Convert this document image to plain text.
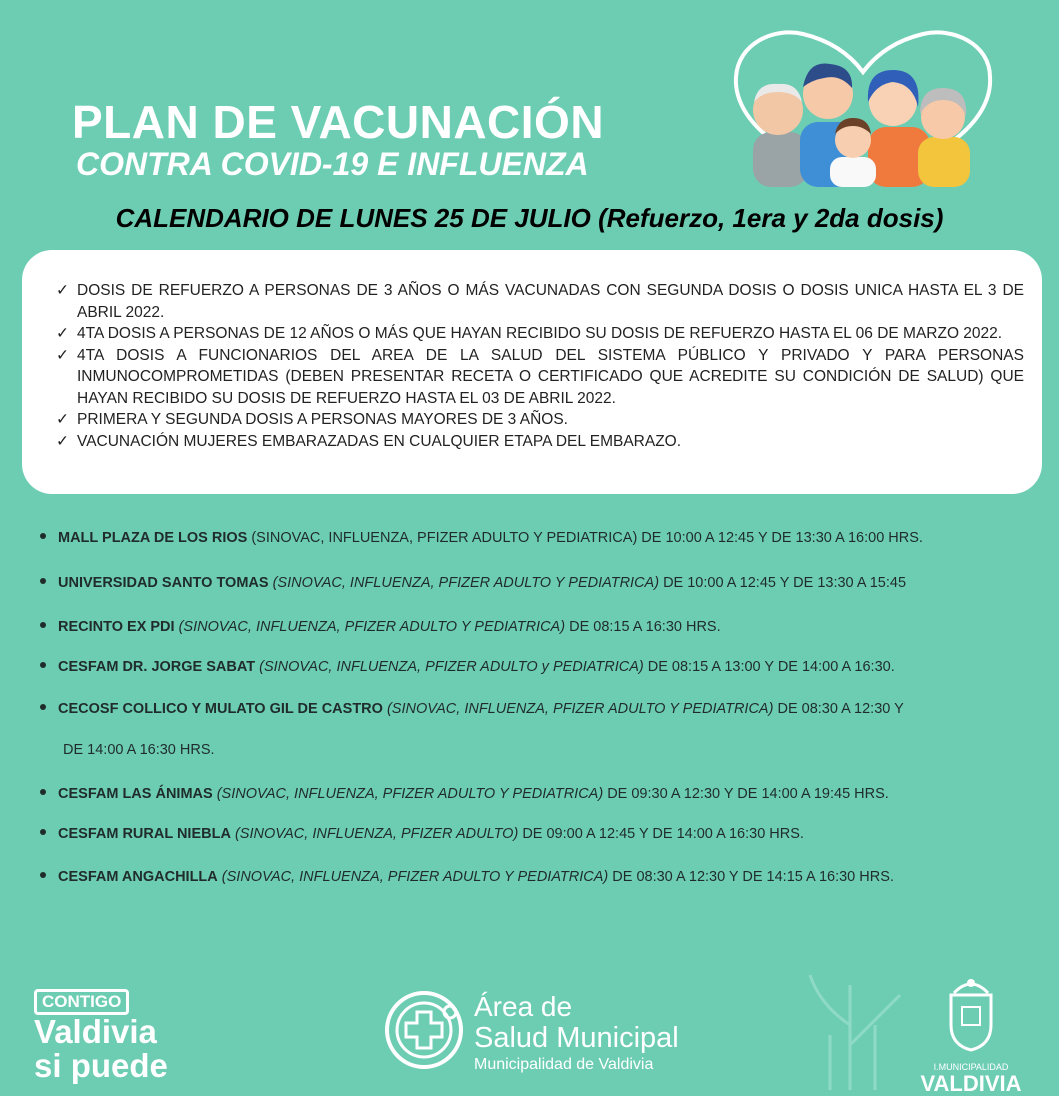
PLAN DE VACUNACIÓN
CONTRA COVID-19 E INFLUENZA
CALENDARIO DE LUNES 25 DE JULIO (Refuerzo, 1era y 2da dosis)
✓ DOSIS DE REFUERZO A PERSONAS DE 3 AÑOS O MÁS VACUNADAS CON SEGUNDA DOSIS O DOSIS UNICA HASTA EL 3 DE ABRIL 2022.
✓ 4TA DOSIS A PERSONAS DE 12 AÑOS O MÁS QUE HAYAN RECIBIDO SU DOSIS DE REFUERZO HASTA EL 06 DE MARZO 2022.
✓ 4TA DOSIS A FUNCIONARIOS DEL AREA DE LA SALUD DEL SISTEMA PÚBLICO Y PRIVADO Y PARA PERSONAS INMUNOCOMPROMETIDAS (DEBEN PRESENTAR RECETA O CERTIFICADO QUE ACREDITE SU CONDICIÓN DE SALUD) QUE HAYAN RECIBIDO SU DOSIS DE REFUERZO HASTA EL 03 DE ABRIL 2022.
✓ PRIMERA Y SEGUNDA DOSIS A PERSONAS MAYORES DE 3 AÑOS.
✓ VACUNACIÓN MUJERES EMBARAZADAS EN CUALQUIER ETAPA DEL EMBARAZO.
MALL PLAZA DE LOS RIOS (SINOVAC, INFLUENZA, PFIZER ADULTO Y PEDIATRICA) DE 10:00 A 12:45 Y DE 13:30 A 16:00 HRS.
UNIVERSIDAD SANTO TOMAS (SINOVAC, INFLUENZA, PFIZER ADULTO Y PEDIATRICA) DE 10:00 A 12:45 Y DE 13:30 A 15:45
RECINTO EX PDI (SINOVAC, INFLUENZA, PFIZER ADULTO Y PEDIATRICA) DE 08:15 A 16:30 HRS.
CESFAM DR. JORGE SABAT (SINOVAC, INFLUENZA, PFIZER ADULTO y PEDIATRICA) DE 08:15 A 13:00 Y DE 14:00 A 16:30.
CECOSF COLLICO Y MULATO GIL DE CASTRO (SINOVAC, INFLUENZA, PFIZER ADULTO Y PEDIATRICA) DE 08:30 A 12:30 Y
CESFAM LAS ÁNIMAS (SINOVAC, INFLUENZA, PFIZER ADULTO Y PEDIATRICA) DE 09:30 A 12:30 Y DE 14:00 A 19:45 HRS.
CESFAM RURAL NIEBLA (SINOVAC, INFLUENZA, PFIZER ADULTO) DE 09:00 A 12:45 Y DE 14:00 A 16:30 HRS.
CESFAM ANGACHILLA (SINOVAC, INFLUENZA, PFIZER ADULTO Y PEDIATRICA) DE 08:30 A 12:30 Y DE 14:15 A 16:30 HRS.
DE 14:00 A 16:30 HRS.
CONTIGO
Valdivia
si puede
Área de
Salud Municipal
Municipalidad de Valdivia	I.MUNICIPALIDAD
VALDIVIA
